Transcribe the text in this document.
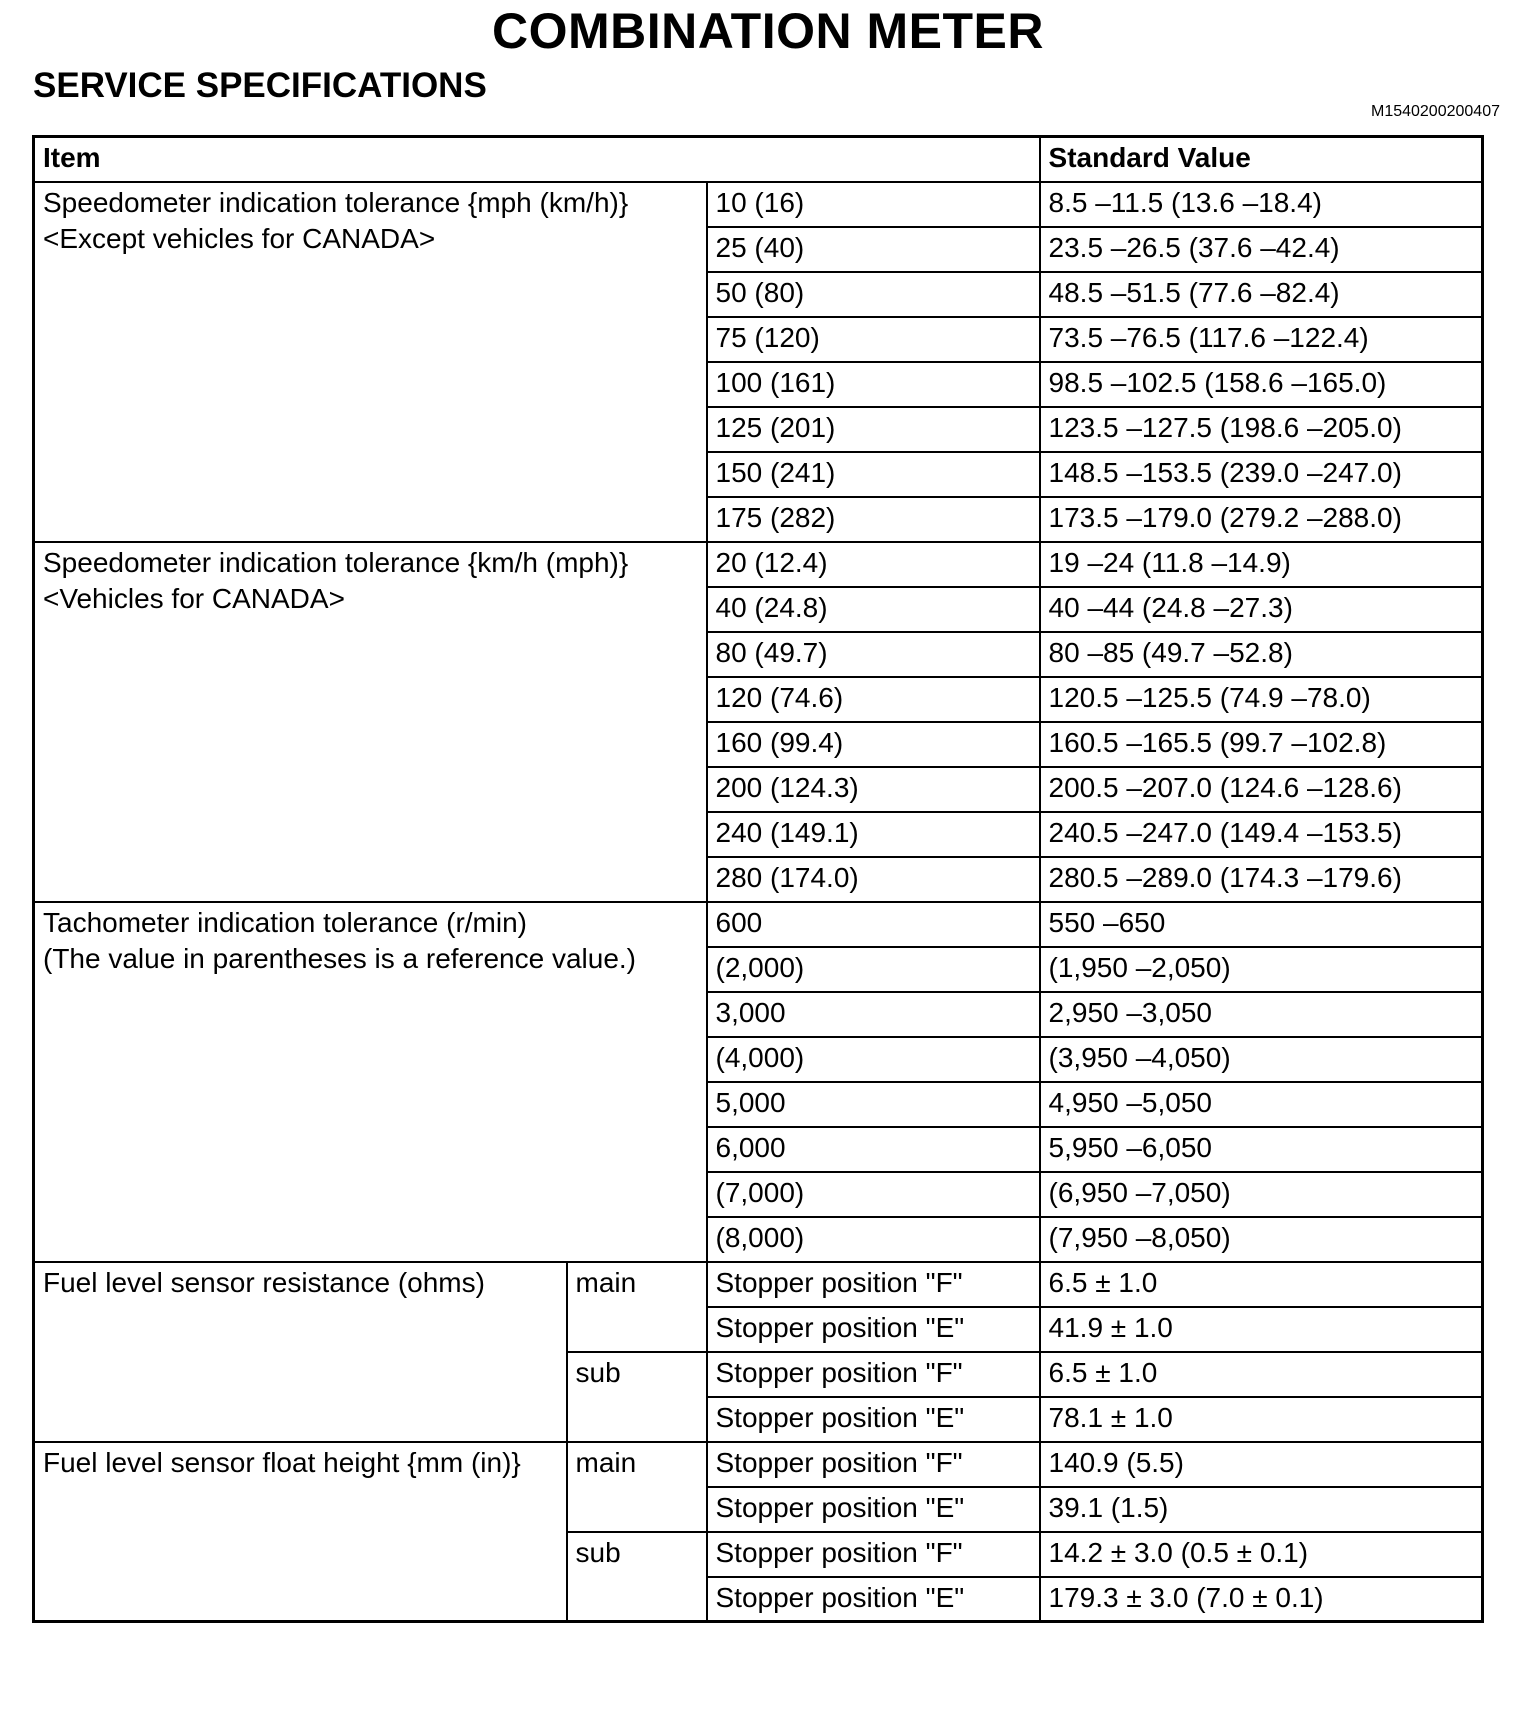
COMBINATION METER
SERVICE SPECIFICATIONS
M1540200200407
Item			Standard Value

Speedometer indication tolerance {mph (km/h)}
<Except vehicles for CANADA>		10 (16)	8.5 –11.5 (13.6 –18.4)
		25 (40)	23.5 –26.5 (37.6 –42.4)
		50 (80)	48.5 –51.5 (77.6 –82.4)
		75 (120)	73.5 –76.5 (117.6 –122.4)
		100 (161)	98.5 –102.5 (158.6 –165.0)
		125 (201)	123.5 –127.5 (198.6 –205.0)
		150 (241)	148.5 –153.5 (239.0 –247.0)
		175 (282)	173.5 –179.0 (279.2 –288.0)

Speedometer indication tolerance {km/h (mph)}
<Vehicles for CANADA>		20 (12.4)	19 –24 (11.8 –14.9)
		40 (24.8)	40 –44 (24.8 –27.3)
		80 (49.7)	80 –85 (49.7 –52.8)
		120 (74.6)	120.5 –125.5 (74.9 –78.0)
		160 (99.4)	160.5 –165.5 (99.7 –102.8)
		200 (124.3)	200.5 –207.0 (124.6 –128.6)
		240 (149.1)	240.5 –247.0 (149.4 –153.5)
		280 (174.0)	280.5 –289.0 (174.3 –179.6)

Tachometer indication tolerance (r/min)
(The value in parentheses is a reference value.)		600	550 –650
		(2,000)	(1,950 –2,050)
		3,000	2,950 –3,050
		(4,000)	(3,950 –4,050)
		5,000	4,950 –5,050
		6,000	5,950 –6,050
		(7,000)	(6,950 –7,050)
		(8,000)	(7,950 –8,050)
Fuel level sensor resistance (ohms)	main	Stopper position "F"	6.5 ± 1.0
		Stopper position "E"	41.9 ± 1.0
	sub	Stopper position "F"	6.5 ± 1.0
		Stopper position "E"	78.1 ± 1.0
Fuel level sensor float height {mm (in)}	main	Stopper position "F"	140.9 (5.5)
		Stopper position "E"	39.1 (1.5)
	sub	Stopper position "F"	14.2 ± 3.0 (0.5 ± 0.1)
		Stopper position "E"	179.3 ± 3.0 (7.0 ± 0.1)
